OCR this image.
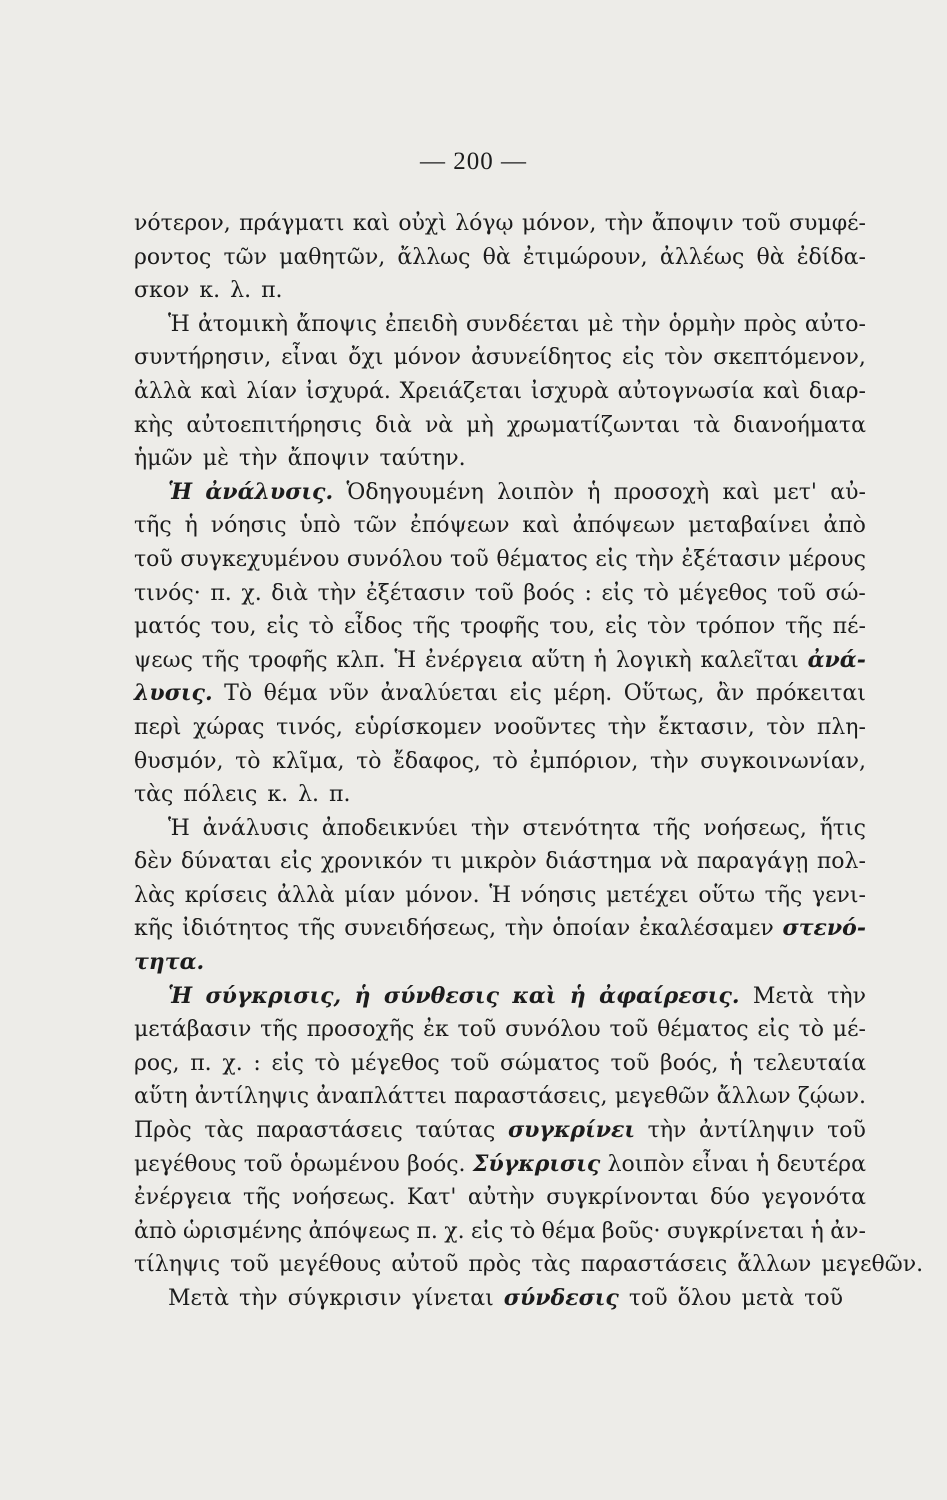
— 200 —
νότερον, πράγματι καὶ οὐχὶ λόγῳ μόνον, τὴν ἄποψιν τοῦ συμφέ-
ροντος τῶν μαθητῶν, ἄλλως θὰ ἐτιμώρουν, ἀλλέως θὰ ἐδίδα-
σκον κ. λ. π.
Ἡ ἀτομικὴ ἄποψις ἐπειδὴ συνδέεται μὲ τὴν ὁρμὴν πρὸς αὐτο-
συντήρησιν, εἶναι ὄχι μόνον ἀσυνείδητος εἰς τὸν σκεπτόμενον,
ἀλλὰ καὶ λίαν ἰσχυρά. Χρειάζεται ἰσχυρὰ αὐτογνωσία καὶ διαρ-
κὴς αὐτοεπιτήρησις διὰ νὰ μὴ χρωματίζωνται τὰ διανοήματα
ἡμῶν μὲ τὴν ἄποψιν ταύτην.
Ἡ ἀνάλυσις. Ὁδηγουμένη λοιπὸν ἡ προσοχὴ καὶ μετ' αὐ-
τῆς ἡ νόησις ὑπὸ τῶν ἐπόψεων καὶ ἀπόψεων μεταβαίνει ἀπὸ
τοῦ συγκεχυμένου συνόλου τοῦ θέματος εἰς τὴν ἐξέτασιν μέρους
τινός· π. χ. διὰ τὴν ἐξέτασιν τοῦ βοός : εἰς τὸ μέγεθος τοῦ σώ-
ματός του, εἰς τὸ εἶδος τῆς τροφῆς του, εἰς τὸν τρόπον τῆς πέ-
ψεως τῆς τροφῆς κλπ. Ἡ ἐνέργεια αὕτη ἡ λογικὴ καλεῖται ἀνά-
λυσις. Τὸ θέμα νῦν ἀναλύεται εἰς μέρη. Οὕτως, ἂν πρόκειται
περὶ χώρας τινός, εὑρίσκομεν νοοῦντες τὴν ἔκτασιν, τὸν πλη-
θυσμόν, τὸ κλῖμα, τὸ ἔδαφος, τὸ ἐμπόριον, τὴν συγκοινωνίαν,
τὰς πόλεις κ. λ. π.
Ἡ ἀνάλυσις ἀποδεικνύει τὴν στενότητα τῆς νοήσεως, ἥτις
δὲν δύναται εἰς χρονικόν τι μικρὸν διάστημα νὰ παραγάγῃ πολ-
λὰς κρίσεις ἀλλὰ μίαν μόνον. Ἡ νόησις μετέχει οὕτω τῆς γενι-
κῆς ἰδιότητος τῆς συνειδήσεως, τὴν ὁποίαν ἐκαλέσαμεν στενό-
τητα.
Ἡ σύγκρισις, ἡ σύνθεσις καὶ ἡ ἀφαίρεσις. Μετὰ τὴν
μετάβασιν τῆς προσοχῆς ἐκ τοῦ συνόλου τοῦ θέματος εἰς τὸ μέ-
ρος, π. χ. : εἰς τὸ μέγεθος τοῦ σώματος τοῦ βοός, ἡ τελευταία
αὕτη ἀντίληψις ἀναπλάττει παραστάσεις, μεγεθῶν ἄλλων ζῴων.
Πρὸς τὰς παραστάσεις ταύτας συγκρίνει τὴν ἀντίληψιν τοῦ
μεγέθους τοῦ ὁρωμένου βοός. Σύγκρισις λοιπὸν εἶναι ἡ δευτέρα
ἐνέργεια τῆς νοήσεως. Κατ' αὐτὴν συγκρίνονται δύο γεγονότα
ἀπὸ ὡρισμένης ἀπόψεως π. χ. εἰς τὸ θέμα βοῦς· συγκρίνεται ἡ ἀν-
τίληψις τοῦ μεγέθους αὐτοῦ πρὸς τὰς παραστάσεις ἄλλων μεγεθῶν.
Μετὰ τὴν σύγκρισιν γίνεται σύνδεσις τοῦ ὅλου μετὰ τοῦ
